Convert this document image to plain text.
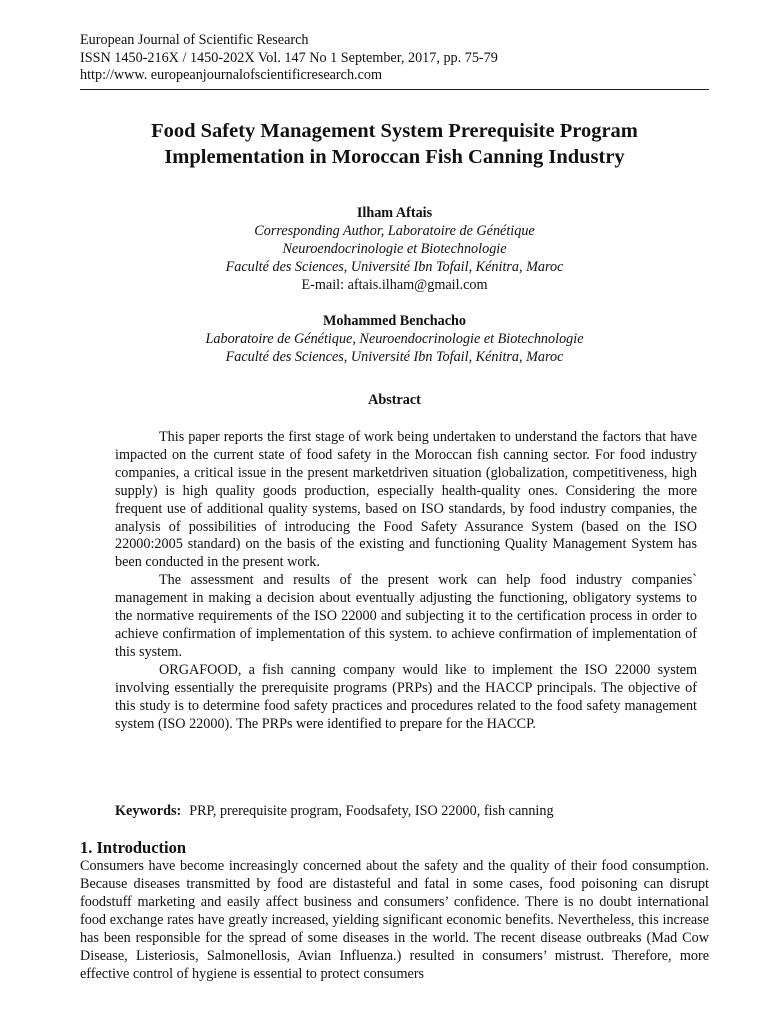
European Journal of Scientific Research
ISSN 1450-216X / 1450-202X Vol. 147 No 1 September, 2017, pp. 75-79
http://www. europeanjournalofscientificresearch.com
Food Safety Management System Prerequisite Program
Implementation in Moroccan Fish Canning Industry
Ilham Aftais
Corresponding Author, Laboratoire de Génétique
Neuroendocrinologie et Biotechnologie
Faculté des Sciences, Université Ibn Tofail, Kénitra, Maroc
E-mail: aftais.ilham@gmail.com
Mohammed Benchacho
Laboratoire de Génétique, Neuroendocrinologie et Biotechnologie
Faculté des Sciences, Université Ibn Tofail, Kénitra, Maroc
Abstract

This paper reports the first stage of work being undertaken to understand the factors that have impacted on the current state of food safety in the Moroccan fish canning sector. For food industry companies, a critical issue in the present marketdriven situation (globalization, competitiveness, high supply) is high quality goods production, especially health-quality ones. Considering the more frequent use of additional quality systems, based on ISO standards, by food industry companies, the analysis of possibilities of introducing the Food Safety Assurance System (based on the ISO 22000:2005 standard) on the basis of the existing and functioning Quality Management System has been conducted in the present work.

The assessment and results of the present work can help food industry companies` management in making a decision about eventually adjusting the functioning, obligatory systems to the normative requirements of the ISO 22000 and subjecting it to the certification process in order to achieve confirmation of implementation of this system. to achieve confirmation of implementation of this system.

ORGAFOOD, a fish canning company would like to implement the ISO 22000 system involving essentially the prerequisite programs (PRPs) and the HACCP principals. The objective of this study is to determine food safety practices and procedures related to the food safety management system (ISO 22000). The PRPs were identified to prepare for the HACCP.

Keywords: PRP, prerequisite program, Foodsafety, ISO 22000, fish canning
1. Introduction

Consumers have become increasingly concerned about the safety and the quality of their food consumption. Because diseases transmitted by food are distasteful and fatal in some cases, food poisoning can disrupt foodstuff marketing and easily affect business and consumers’ confidence. There is no doubt international food exchange rates have greatly increased, yielding significant economic benefits. Nevertheless, this increase has been responsible for the spread of some diseases in the world. The recent disease outbreaks (Mad Cow Disease, Listeriosis, Salmonellosis, Avian Influenza.) resulted in consumers’ mistrust. Therefore, more effective control of hygiene is essential to protect consumers
